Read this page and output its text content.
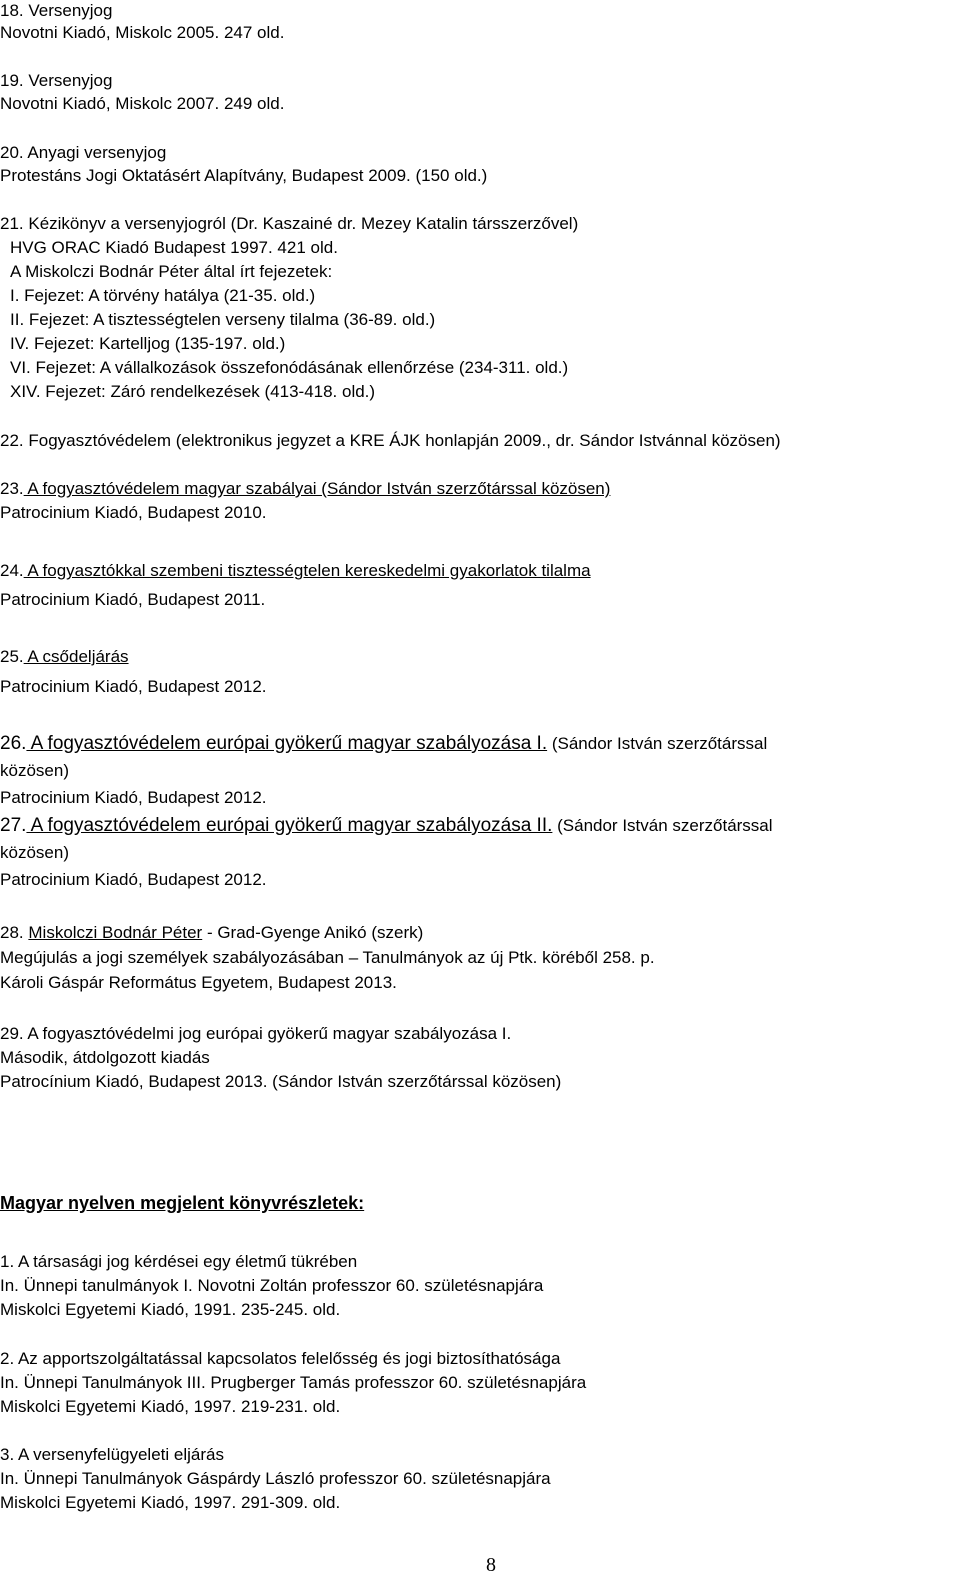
18. Versenyjog
Novotni Kiadó, Miskolc 2005. 247 old.
19. Versenyjog
Novotni Kiadó, Miskolc 2007. 249 old.
20. Anyagi versenyjog
Protestáns Jogi Oktatásért Alapítvány, Budapest 2009. (150 old.)
21. Kézikönyv a versenyjogról (Dr. Kaszainé dr. Mezey Katalin társszerzővel)
HVG ORAC Kiadó Budapest 1997. 421 old.
A Miskolczi Bodnár Péter által írt fejezetek:
I. Fejezet: A törvény hatálya (21-35. old.)
II. Fejezet: A tisztességtelen verseny tilalma (36-89. old.)
IV. Fejezet: Kartelljog (135-197. old.)
VI. Fejezet: A vállalkozások összefonódásának ellenőrzése (234-311. old.)
XIV. Fejezet: Záró rendelkezések (413-418. old.)
22. Fogyasztóvédelem (elektronikus jegyzet a KRE ÁJK honlapján 2009., dr. Sándor Istvánnal közösen)
23. A fogyasztóvédelem magyar szabályai (Sándor István szerzőtárssal közösen)
Patrocinium Kiadó, Budapest 2010.
24. A fogyasztókkal szembeni tisztességtelen kereskedelmi gyakorlatok tilalma
Patrocinium Kiadó, Budapest 2011.
25. A csődeljárás
Patrocinium Kiadó, Budapest 2012.
26. A fogyasztóvédelem európai gyökerű magyar szabályozása I. (Sándor István szerzőtárssal
közösen)
Patrocinium Kiadó, Budapest 2012.
27. A fogyasztóvédelem európai gyökerű magyar szabályozása II. (Sándor István szerzőtárssal
közösen)
Patrocinium Kiadó, Budapest 2012.
28. Miskolczi Bodnár Péter - Grad-Gyenge Anikó (szerk)
Megújulás a jogi személyek szabályozásában – Tanulmányok az új Ptk. köréből 258. p.
Károli Gáspár Református Egyetem, Budapest 2013.
29. A fogyasztóvédelmi jog európai gyökerű magyar szabályozása I.
Második, átdolgozott kiadás
Patrocínium Kiadó, Budapest 2013. (Sándor István szerzőtárssal közösen)
Magyar nyelven megjelent könyvrészletek:
1. A társasági jog kérdései egy életmű tükrében
In. Ünnepi tanulmányok I. Novotni Zoltán professzor 60. születésnapjára
Miskolci Egyetemi Kiadó, 1991. 235-245. old.
2. Az apportszolgáltatással kapcsolatos felelősség és jogi biztosíthatósága
In. Ünnepi Tanulmányok III. Prugberger Tamás professzor 60. születésnapjára
Miskolci Egyetemi Kiadó, 1997. 219-231. old.
3. A versenyfelügyeleti eljárás
In. Ünnepi Tanulmányok Gáspárdy László professzor 60. születésnapjára
Miskolci Egyetemi Kiadó, 1997. 291-309. old.
8
